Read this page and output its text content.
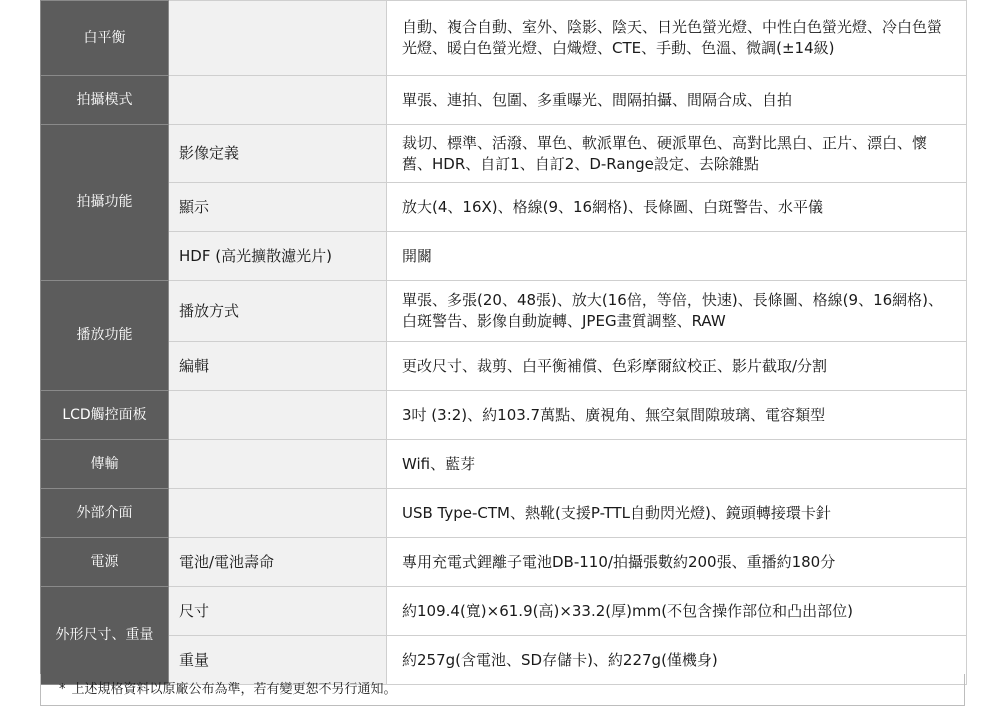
白平衡		自動、複合自動、室外、陰影、陰天、日光色螢光燈、中性白色螢光燈、冷白色螢光燈、暖白色螢光燈、白熾燈、CTE、手動、色溫、微調(±14級)
拍攝模式		單張、連拍、包圍、多重曝光、間隔拍攝、間隔合成、自拍
拍攝功能	影像定義	裁切、標準、活潑、單色、軟派單色、硬派單色、高對比黑白、正片、漂白、懷舊、HDR、自訂1、自訂2、D-Range設定、去除雜點
	顯示	放大(4、16X)、格線(9、16網格)、長條圖、白斑警告、水平儀
	HDF (高光擴散濾光片)	開關
播放功能	播放方式	單張、多張(20、48張)、放大(16倍，等倍，快速)、長條圖、格線(9、16網格)、白斑警告、影像自動旋轉、JPEG畫質調整、RAW
	編輯	更改尺寸、裁剪、白平衡補償、色彩摩爾紋校正、影片截取/分割
LCD觸控面板		3吋 (3:2)、約103.7萬點、廣視角、無空氣間隙玻璃、電容類型
傳輸		Wifi、藍芽
外部介面		USB Type-CTM、熱靴(支援P-TTL自動閃光燈)、鏡頭轉接環卡針
電源	電池/電池壽命	專用充電式鋰離子電池DB-110/拍攝張數約200張、重播約180分
外形尺寸、重量	尺寸	約109.4(寬)×61.9(高)×33.2(厚)mm(不包含操作部位和凸出部位)
	重量	約257g(含電池、SD存儲卡)、約227g(僅機身)
* 上述規格資料以原廠公布為準，若有變更恕不另行通知。
